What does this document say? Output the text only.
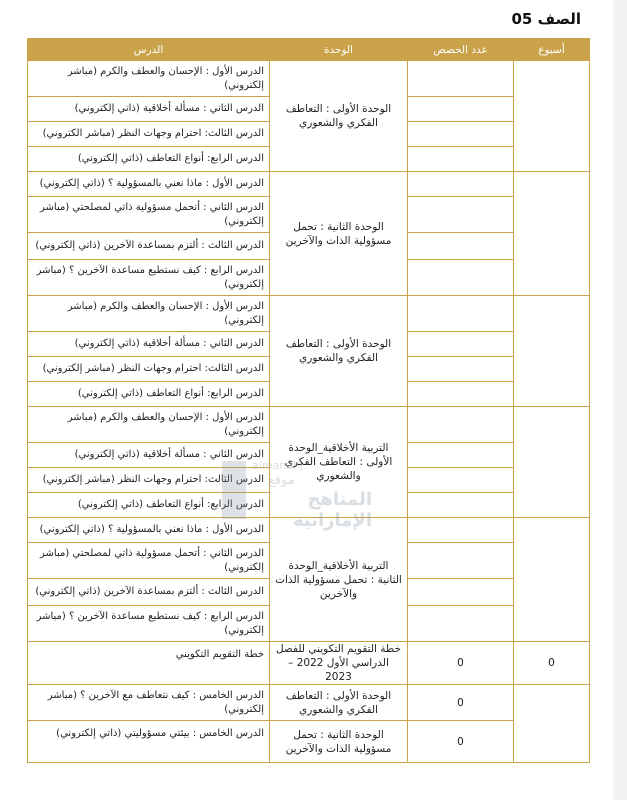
الصف 05
أسبوع	عدد الحصص	الوحدة	الدرس
		الوحدة الأولى : التعاطف الفكري والشعوري	الدرس الأول : الإحسان والعطف والكرم (مباشر إلكتروني)
			الدرس الثاني : مسألة أخلاقية (ذاتي إلكتروني)
			الدرس الثالث: احترام وجهات النظر (مباشر الكتروني)
			الدرس الرابع: أنواع التعاطف (ذاتي إلكتروني)
		الوحدة الثانية : تحمل مسؤولية الذات والآخرين	الدرس الأول : ماذا نعني بالمسؤولية ؟ (ذاتي إلكتروني)
			الدرس الثاني : أتحمل مسؤولية ذاتي لمصلحتي (مباشر إلكتروني)
			الدرس الثالث : ألتزم بمساعدة الآخرين (ذاتي إلكتروني)
			الدرس الرابع : كيف نستطيع مساعدة الآخرين ؟ (مباشر إلكتروني)
		الوحدة الأولى : التعاطف الفكري والشعوري	الدرس الأول : الإحسان والعطف والكرم (مباشر إلكتروني)
			الدرس الثاني : مسألة أخلاقية (ذاتي إلكتروني)
			الدرس الثالث: احترام وجهات النظر (مباشر إلكتروني)
			الدرس الرابع: أنواع التعاطف (ذاتي إلكتروني)
		التربية الأخلاقية_الوحدة الأولى : التعاطف الفكري والشعوري	الدرس الأول : الإحسان والعطف والكرم (مباشر إلكتروني)
			الدرس الثاني : مسألة أخلاقية (ذاتي إلكتروني)
			الدرس الثالث: احترام وجهات النظر (مباشر إلكتروني)
			الدرس الرابع: أنواع التعاطف (ذاتي إلكتروني)
		التربية الأخلاقية_الوحدة الثانية : تحمل مسؤولية الذات والآخرين	الدرس الأول : ماذا نعني بالمسؤولية ؟ (ذاتي إلكتروني)
			الدرس الثاني : أتحمل مسؤولية ذاتي لمصلحتي (مباشر إلكتروني)
			الدرس الثالث : ألتزم بمساعدة الآخرين (ذاتي إلكتروني)
			الدرس الرابع : كيف نستطيع مساعدة الآخرين ؟ (مباشر إلكتروني)
0	0	خطة التقويم التكويني للفصل الدراسي الأول 2022 – 2023	خطة التقويم التكويني
	0	الوحدة الأولى : التعاطف الفكري والشعوري	الدرس الخامس : كيف نتعاطف مع الآخرين ؟ (مباشر إلكتروني)
	0	الوحدة الثانية : تحمل مسؤولية الذات والآخرين	الدرس الخامس : بيئتي مسؤوليتي (ذاتي إلكتروني)
almanahj
موقع
المناهج الإماراتية
